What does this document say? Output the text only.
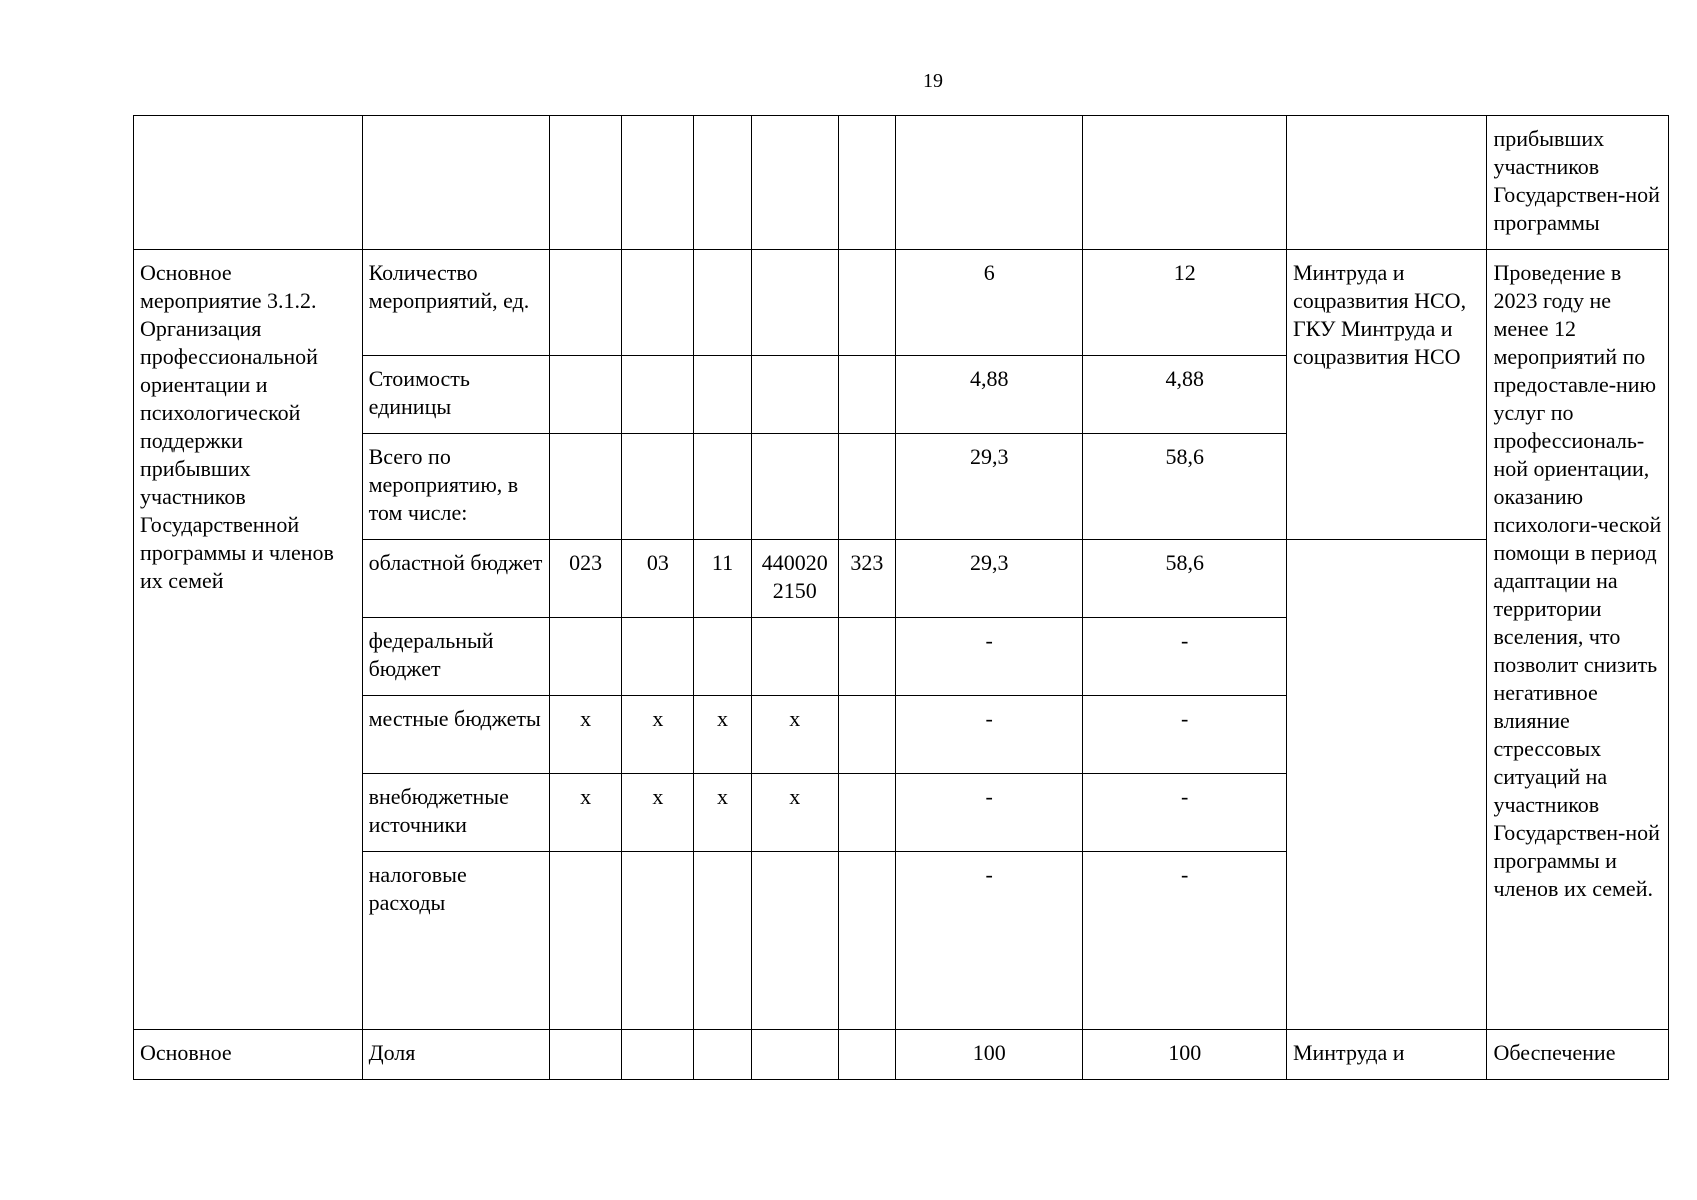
19
										прибывших участников Государствен-ной программы
Основное мероприятие 3.1.2. Организация профессиональной ориентации и психологической поддержки прибывших участников Государственной программы и членов их семей	Количество мероприятий, ед.						6	12	Минтруда и соцразвития НСО, ГКУ Минтруда и соцразвития НСО	Проведение в 2023 году не менее 12 мероприятий по предоставле-нию услуг по профессиональ-ной ориентации, оказанию психологи-ческой помощи в период адаптации на территории вселения, что позволит снизить негативное влияние стрессовых ситуаций на участников Государствен-ной программы и членов их семей.
	Стоимость единицы						4,88	4,88		
	Всего по мероприятию, в том числе:						29,3	58,6		
	областной бюджет	023	03	11	440020 2150	323	29,3	58,6		
	федеральный бюджет						-	-		
	местные бюджеты	х	х	х	х		-	-		
	внебюджетные источники	х	х	х	х		-	-		
	налоговые расходы						-	-		
Основное	Доля						100	100	Минтруда и	Обеспечение
